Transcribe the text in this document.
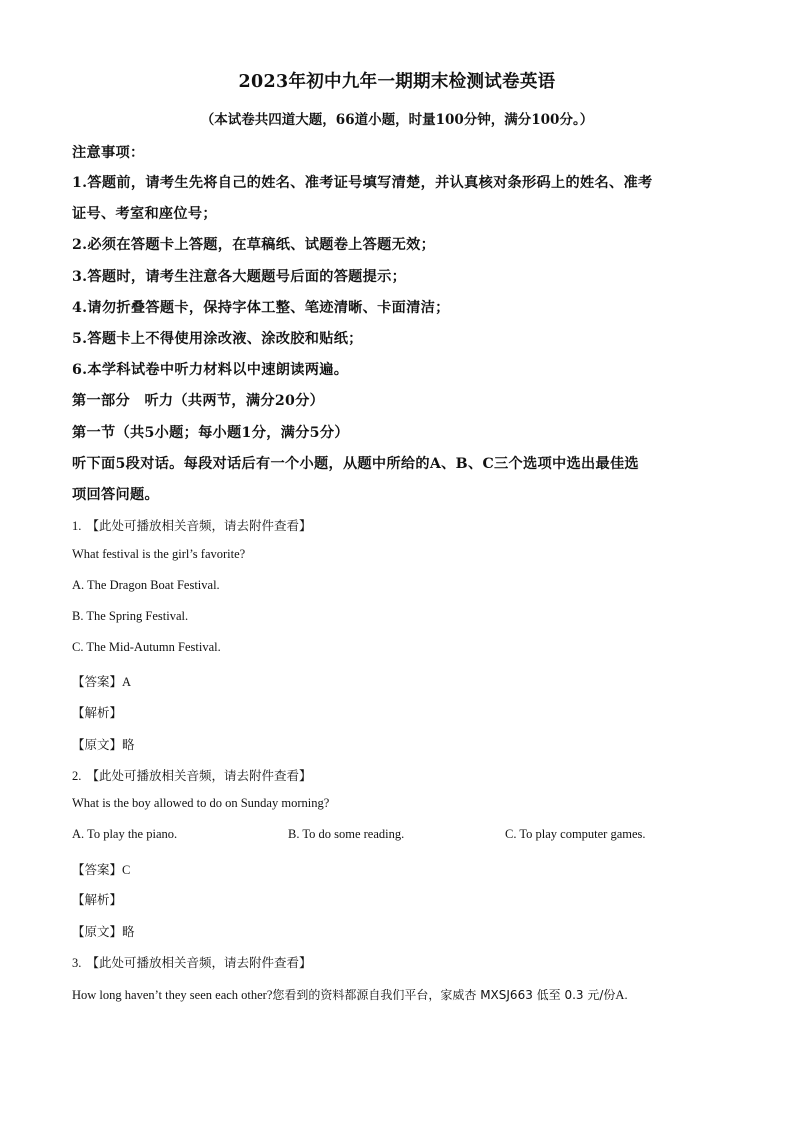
2023年初中九年一期期末检测试卷英语
（本试卷共四道大题，66道小题，时量100分钟，满分100分。）
注意事项：
1.答题前，请考生先将自己的姓名、准考证号填写清楚，并认真核对条形码上的姓名、准考
证号、考室和座位号；
2.必须在答题卡上答题，在草稿纸、试题卷上答题无效；
3.答题时，请考生注意各大题题号后面的答题提示；
4.请勿折叠答题卡，保持字体工整、笔迹清晰、卡面清洁；
5.答题卡上不得使用涂改液、涂改胶和贴纸；
6.本学科试卷中听力材料以中速朗读两遍。
第一部分　听力（共两节，满分20分）
第一节（共5小题；每小题1分，满分5分）
听下面5段对话。每段对话后有一个小题，从题中所给的A、B、C三个选项中选出最佳选
项回答问题。
1. 【此处可播放相关音频，请去附件查看】
What festival is the girl’s favorite?
A. The Dragon Boat Festival.
B. The Spring Festival.
C. The Mid-Autumn Festival.
【答案】A
【解析】
【原文】略
2. 【此处可播放相关音频，请去附件查看】
What is the boy allowed to do on Sunday morning?
A. To play the piano.	B. To do some reading.	C. To play computer games.
【答案】C
【解析】
【原文】略
3. 【此处可播放相关音频，请去附件查看】
How long haven’t they seen each other?您看到的资料都源自我们平台，家威杏 MXSJ663 低至 0.3 元/份A.
